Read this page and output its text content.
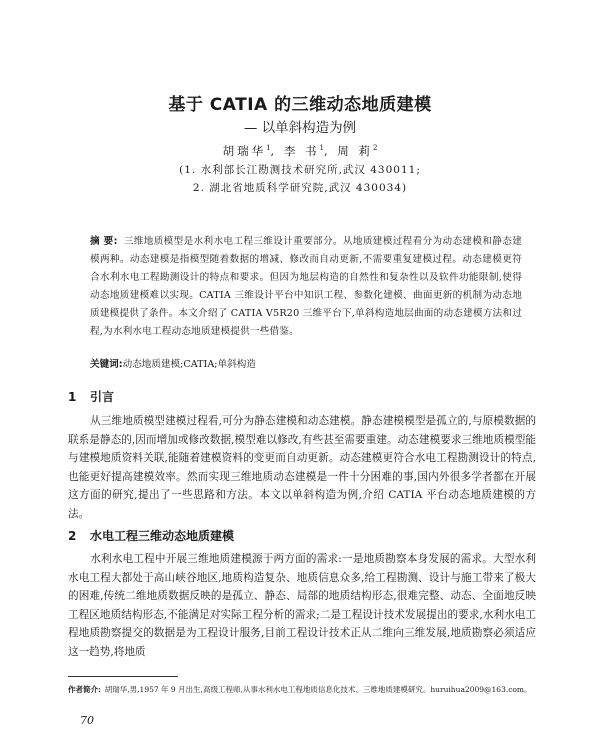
基于 CATIA 的三维动态地质建模
— 以单斜构造为例
胡瑞华$^1$, 李 书$^1$, 周 莉$^2$
(1. 水利部长江勘测技术研究所,武汉 430011;
2. 湖北省地质科学研究院,武汉 430034)
摘 要: 三维地质模型是水利水电工程三维设计重要部分。从地质建模过程看分为动态建模和静态建模两种。动态建模是指模型随着数据的增减、修改而自动更新,不需要重复建模过程。动态建模更符合水利水电工程勘测设计的特点和要求。但因为地层构造的自然性和复杂性以及软件功能限制,使得动态地质建模难以实现。CATIA 三维设计平台中知识工程、参数化建模、曲面更新的机制为动态地质建模提供了条件。本文介绍了 CATIA V5R20 三维平台下,单斜构造地层曲面的动态建模方法和过程,为水利水电工程动态地质建模提供一些借鉴。
关键词:动态地质建模;CATIA;单斜构造
1 引言
从三维地质模型建模过程看,可分为静态建模和动态建模。静态建模模型是孤立的,与原模数据的联系是静态的,因而增加或修改数据,模型难以修改,有些甚至需要重建。动态建模要求三维地质模型能与建模地质资料关联,能随着建模资料的变更而自动更新。动态建模更符合水电工程勘测设计的特点,也能更好提高建模效率。然而实现三维地质动态建模是一件十分困难的事,国内外很多学者都在开展这方面的研究,提出了一些思路和方法。本文以单斜构造为例,介绍 CATIA 平台动态地质建模的方法。
2 水电工程三维动态地质建模
水利水电工程中开展三维地质建模源于两方面的需求:一是地质勘察本身发展的需求。大型水利水电工程大都处于高山峡谷地区,地质构造复杂、地质信息众多,给工程勘测、设计与施工带来了极大的困难,传统二维地质数据反映的是孤立、静态、局部的地质结构形态,很难完整、动态、全面地反映工程区地质结构形态,不能满足对实际工程分析的需求;二是工程设计技术发展提出的要求,水利水电工程地质勘察提交的数据是为工程设计服务,目前工程设计技术正从二维向三维发展,地质勘察必须适应这一趋势,将地质
作者简介: 胡瑞华,男,1957 年 9 月出生,高级工程师,从事水利水电工程地质信息化技术、三维地质建模研究。huruihua2009@163.com。
70
